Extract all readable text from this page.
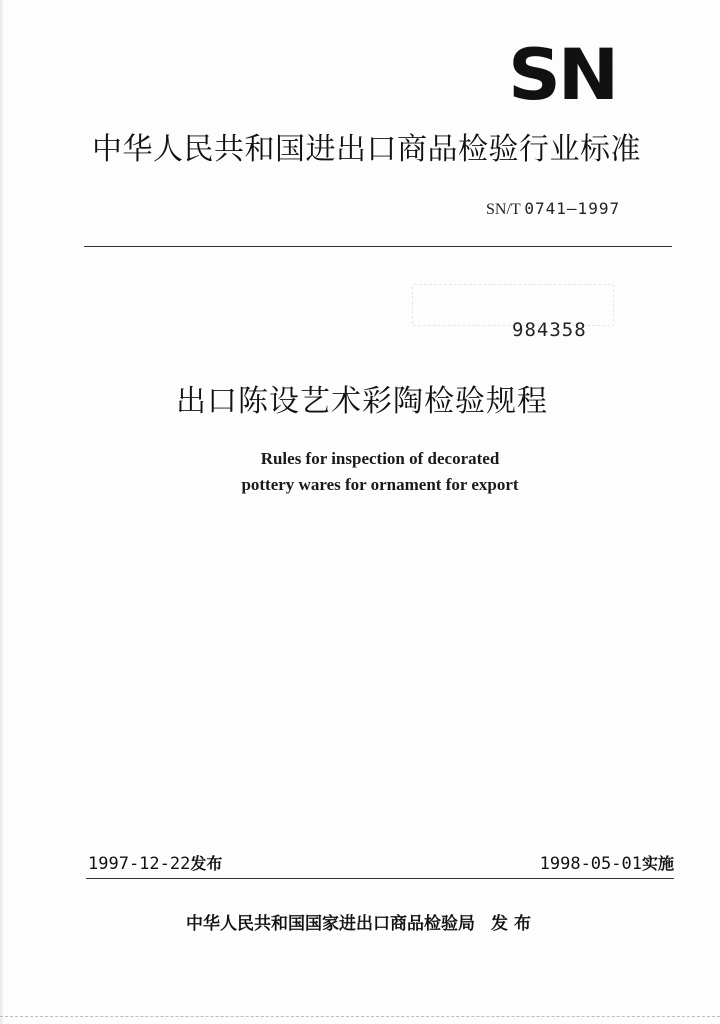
SN
中华人民共和国进出口商品检验行业标准
SN/T 0741—1997
984358
出口陈设艺术彩陶检验规程
Rules for inspection of decorated
pottery wares for ornament for export
1997-12-22发布	1998-05-01实施
中华人民共和国国家进出口商品检验局 发布
